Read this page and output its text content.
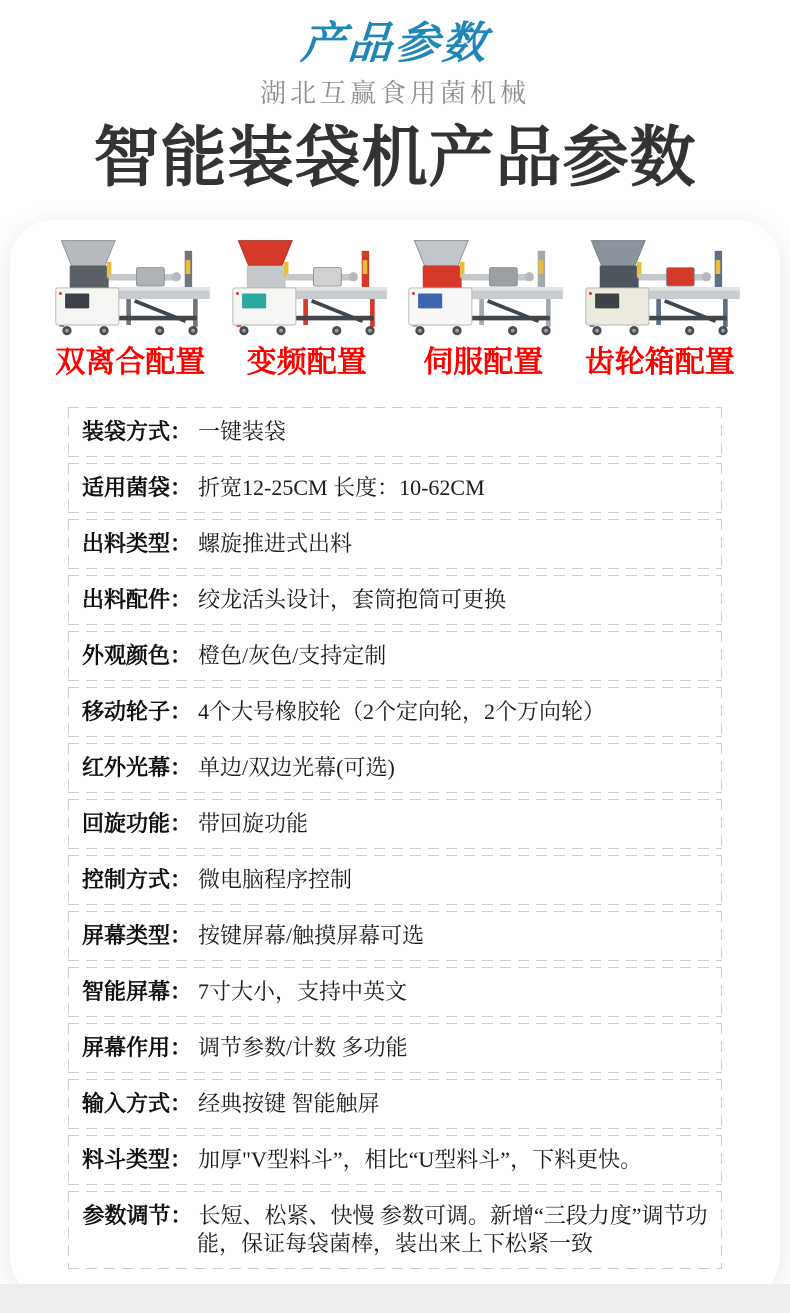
产品参数
湖北互赢食用菌机械
智能装袋机产品参数
双离合配置 变频配置 伺服配置 齿轮箱配置
装袋方式： 一键装袋
适用菌袋： 折宽12-25CM 长度：10-62CM
出料类型： 螺旋推进式出料
出料配件： 绞龙活头设计，套筒抱筒可更换
外观颜色： 橙色/灰色/支持定制
移动轮子： 4个大号橡胶轮（2个定向轮，2个万向轮）
红外光幕： 单边/双边光幕(可选)
回旋功能： 带回旋功能
控制方式： 微电脑程序控制
屏幕类型： 按键屏幕/触摸屏幕可选
智能屏幕： 7寸大小，支持中英文
屏幕作用： 调节参数/计数 多功能
输入方式： 经典按键 智能触屏
料斗类型： 加厚"V型料斗”，相比“U型料斗”，下料更快。
参数调节： 长短、松紧、快慢 参数可调。新增“三段力度”调节功能，保证每袋菌棒，装出来上下松紧一致
